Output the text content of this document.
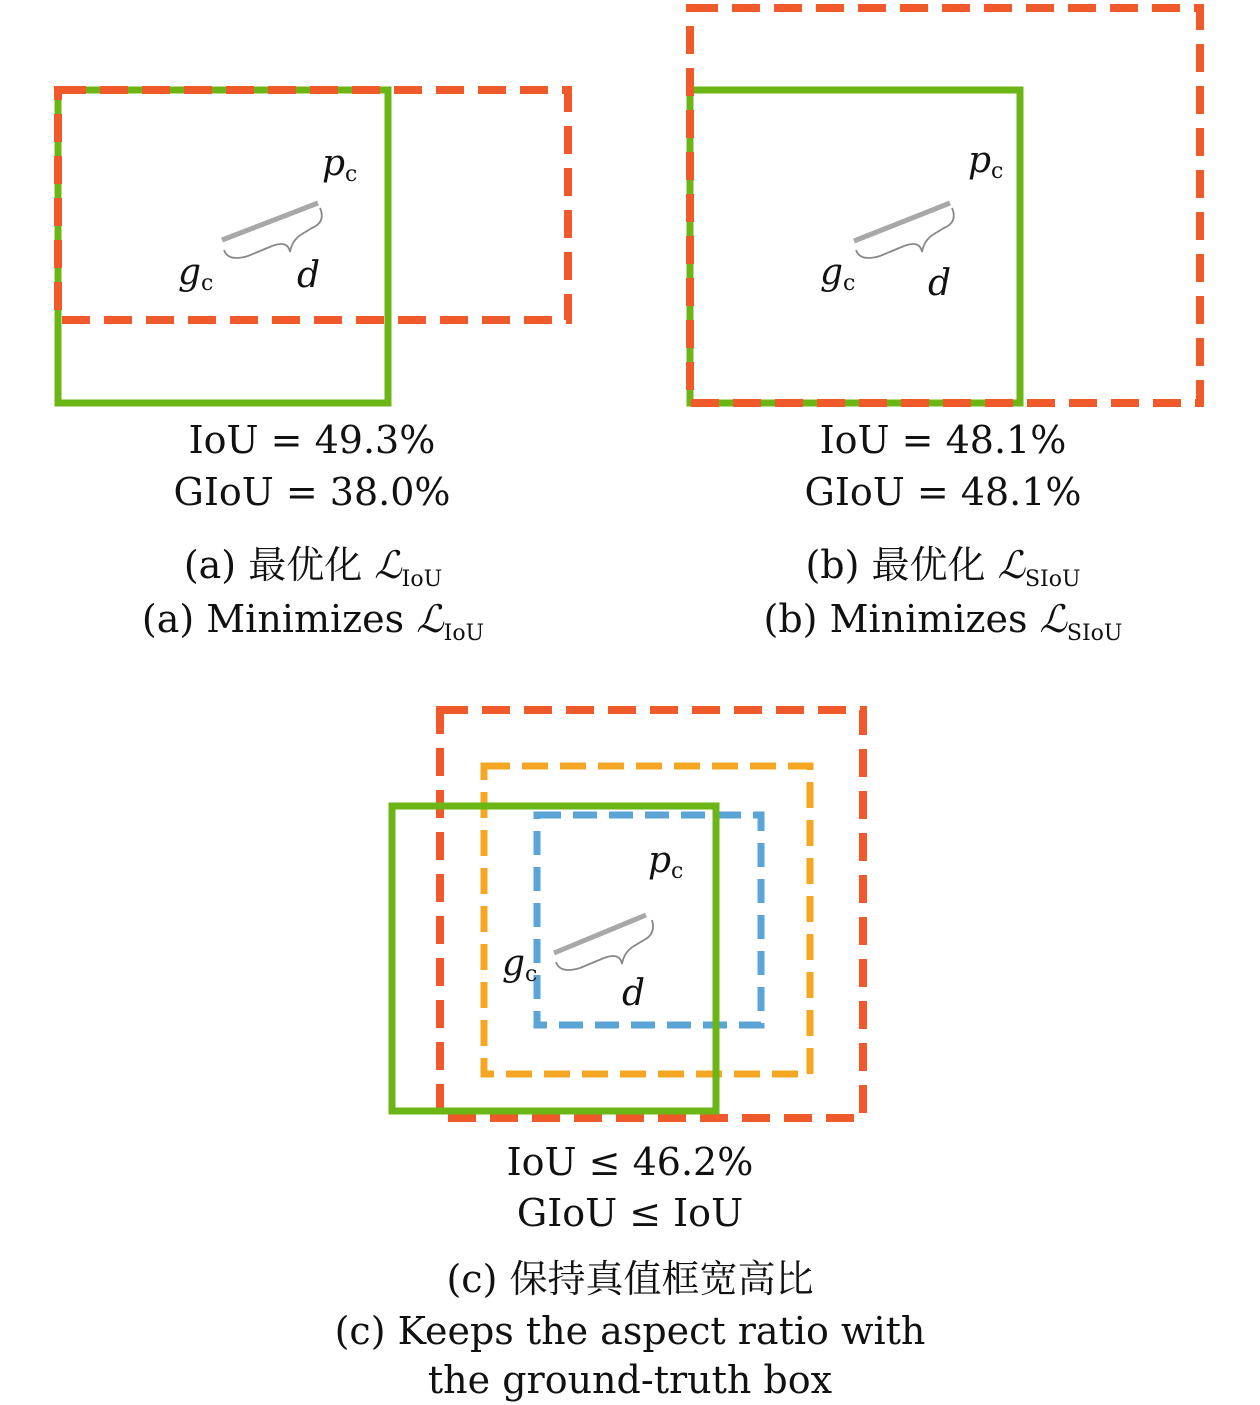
pc
gc d
IoU = 49.3%
GIoU = 38.0%
(a) 最优化 ℒ$_{IoU}$
(a) Minimizes ℒ$_{IoU}$
pc
gc d
IoU = 48.1%
GIoU = 48.1%
(b) 最优化 ℒ$_{SIoU}$
(b) Minimizes ℒ$_{SIoU}$
pc
gc d
IoU ≤ 46.2%
GIoU ≤ IoU
(c) 保持真值框宽高比
(c) Keeps the aspect ratio with
the ground-truth box
